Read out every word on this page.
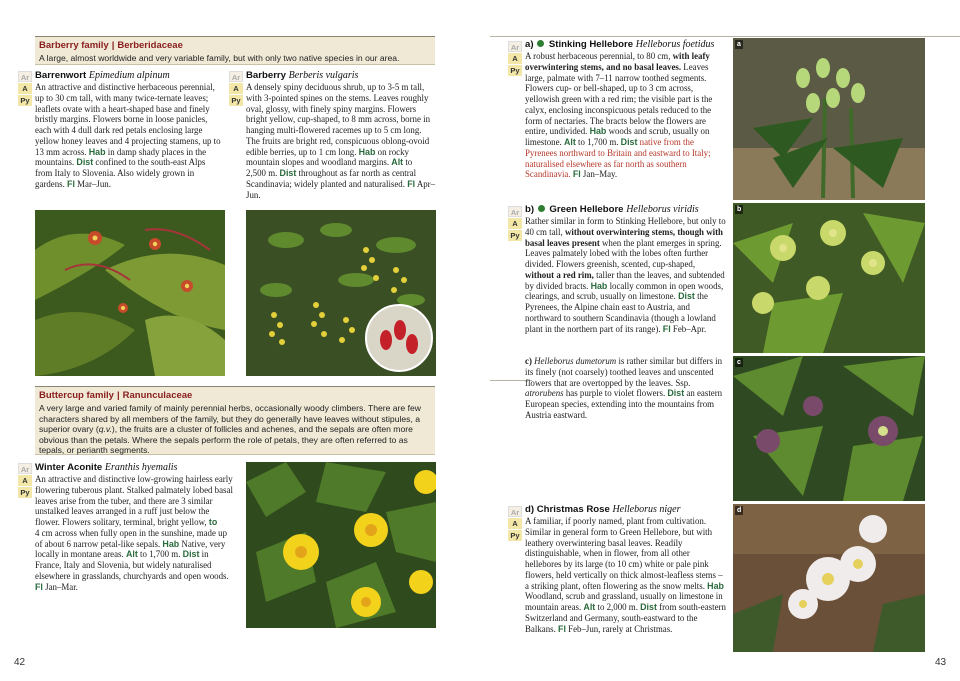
Barberry family | Berberidaceae
A large, almost worldwide and very variable family, but with only two native species in our area.
Ar
A
Py
Barrenwort Epimedium alpinum
An attractive and distinctive herbaceous perennial, up to 30 cm tall, with many twice-ternate leaves; leaflets ovate with a heart-shaped base and finely bristly margins. Flowers borne in loose panicles, each with 4 dull dark red petals enclosing large yellow honey leaves and 4 projecting stamens, up to 13 mm across. Hab in damp shady places in the mountains. Dist confined to the south-east Alps from Italy to Slovenia. Also widely grown in gardens. Fl Mar–Jun.
Ar
A
Py
Barberry Berberis vulgaris
A densely spiny deciduous shrub, up to 3-5 m tall, with 3-pointed spines on the stems. Leaves roughly oval, glossy, with finely spiny margins. Flowers bright yellow, cup-shaped, to 8 mm across, borne in hanging multi-flowered racemes up to 5 cm long. The fruits are bright red, conspicuous oblong-ovoid edible berries, up to 1 cm long. Hab on rocky mountain slopes and woodland margins. Alt to 2,500 m. Dist throughout as far north as central Scandinavia; widely planted and naturalised. Fl Apr–Jun.
Buttercup family | Ranunculaceae
A very large and varied family of mainly perennial herbs, occasionally woody climbers. There are few characters shared by all members of the family, but they do generally have leaves without stipules, a superior ovary (q.v.), the fruits are a cluster of follicles and achenes, and the sepals are often more obvious than the petals. Where the sepals perform the role of petals, they are often referred to as tepals, or perianth segments.
Ar
A
Py
Winter Aconite Eranthis hyemalis
An attractive and distinctive low-growing hairless early flowering tuberous plant. Stalked palmately lobed basal leaves arise from the tuber, and there are 3 similar unstalked leaves arranged in a ruff just below the flower. Flowers solitary, terminal, bright yellow, to 4 cm across when fully open in the sunshine, made up of about 6 narrow petal-like sepals. Hab Native, very locally in montane areas. Alt to 1,700 m. Dist in France, Italy and Slovenia, but widely naturalised elsewhere in grasslands, churchyards and open woods. Fl Jan–Mar.
42
Ar
A
Py
a) Stinking Hellebore Helleborus foetidus
A robust herbaceous perennial, to 80 cm, with leafy overwintering stems, and no basal leaves. Leaves large, palmate with 7–11 narrow toothed segments. Flowers cup- or bell-shaped, up to 3 cm across, yellowish green with a red rim; the visible part is the calyx, enclosing inconspicuous petals reduced to the form of nectaries. The bracts below the flowers are entire, undivided. Hab woods and scrub, usually on limestone. Alt to 1,700 m. Dist native from the Pyrenees northward to Britain and eastward to Italy; naturalised elsewhere as far north as southern Scandinavia. Fl Jan–May.
Ar
A
Py
b) Green Hellebore Helleborus viridis
Rather similar in form to Stinking Hellebore, but only to 40 cm tall, without overwintering stems, though with basal leaves present when the plant emerges in spring. Leaves palmately lobed with the lobes often further divided. Flowers greenish, scented, cup-shaped, without a red rim, taller than the leaves, and subtended by divided bracts. Hab locally common in open woods, clearings, and scrub, usually on limestone. Dist the Pyrenees, the Alpine chain east to Austria, and northward to southern Scandinavia (though a lowland plant in the northern part of its range). Fl Feb–Apr.
c) Helleborus dumetorum is rather similar but differs in its finely (not coarsely) toothed leaves and unscented flowers that are overtopped by the leaves. Ssp. atrorubens has purple to violet flowers. Dist an eastern European species, extending into the mountains from Austria eastward.
Ar
A
Py
d) Christmas Rose Helleborus niger
A familiar, if poorly named, plant from cultivation. Similar in general form to Green Hellebore, but with leathery overwintering basal leaves. Readily distinguishable, when in flower, from all other hellebores by its large (to 10 cm) white or pale pink flowers, held vertically on thick almost-leafless stems – a striking plant, often flowering as the snow melts. Hab Woodland, scrub and grassland, usually on limestone in mountain areas. Alt to 2,000 m. Dist from south-eastern Switzerland and Germany, south-eastward to the Balkans. Fl Feb–Jun, rarely at Christmas.
a
b
c
d
43
